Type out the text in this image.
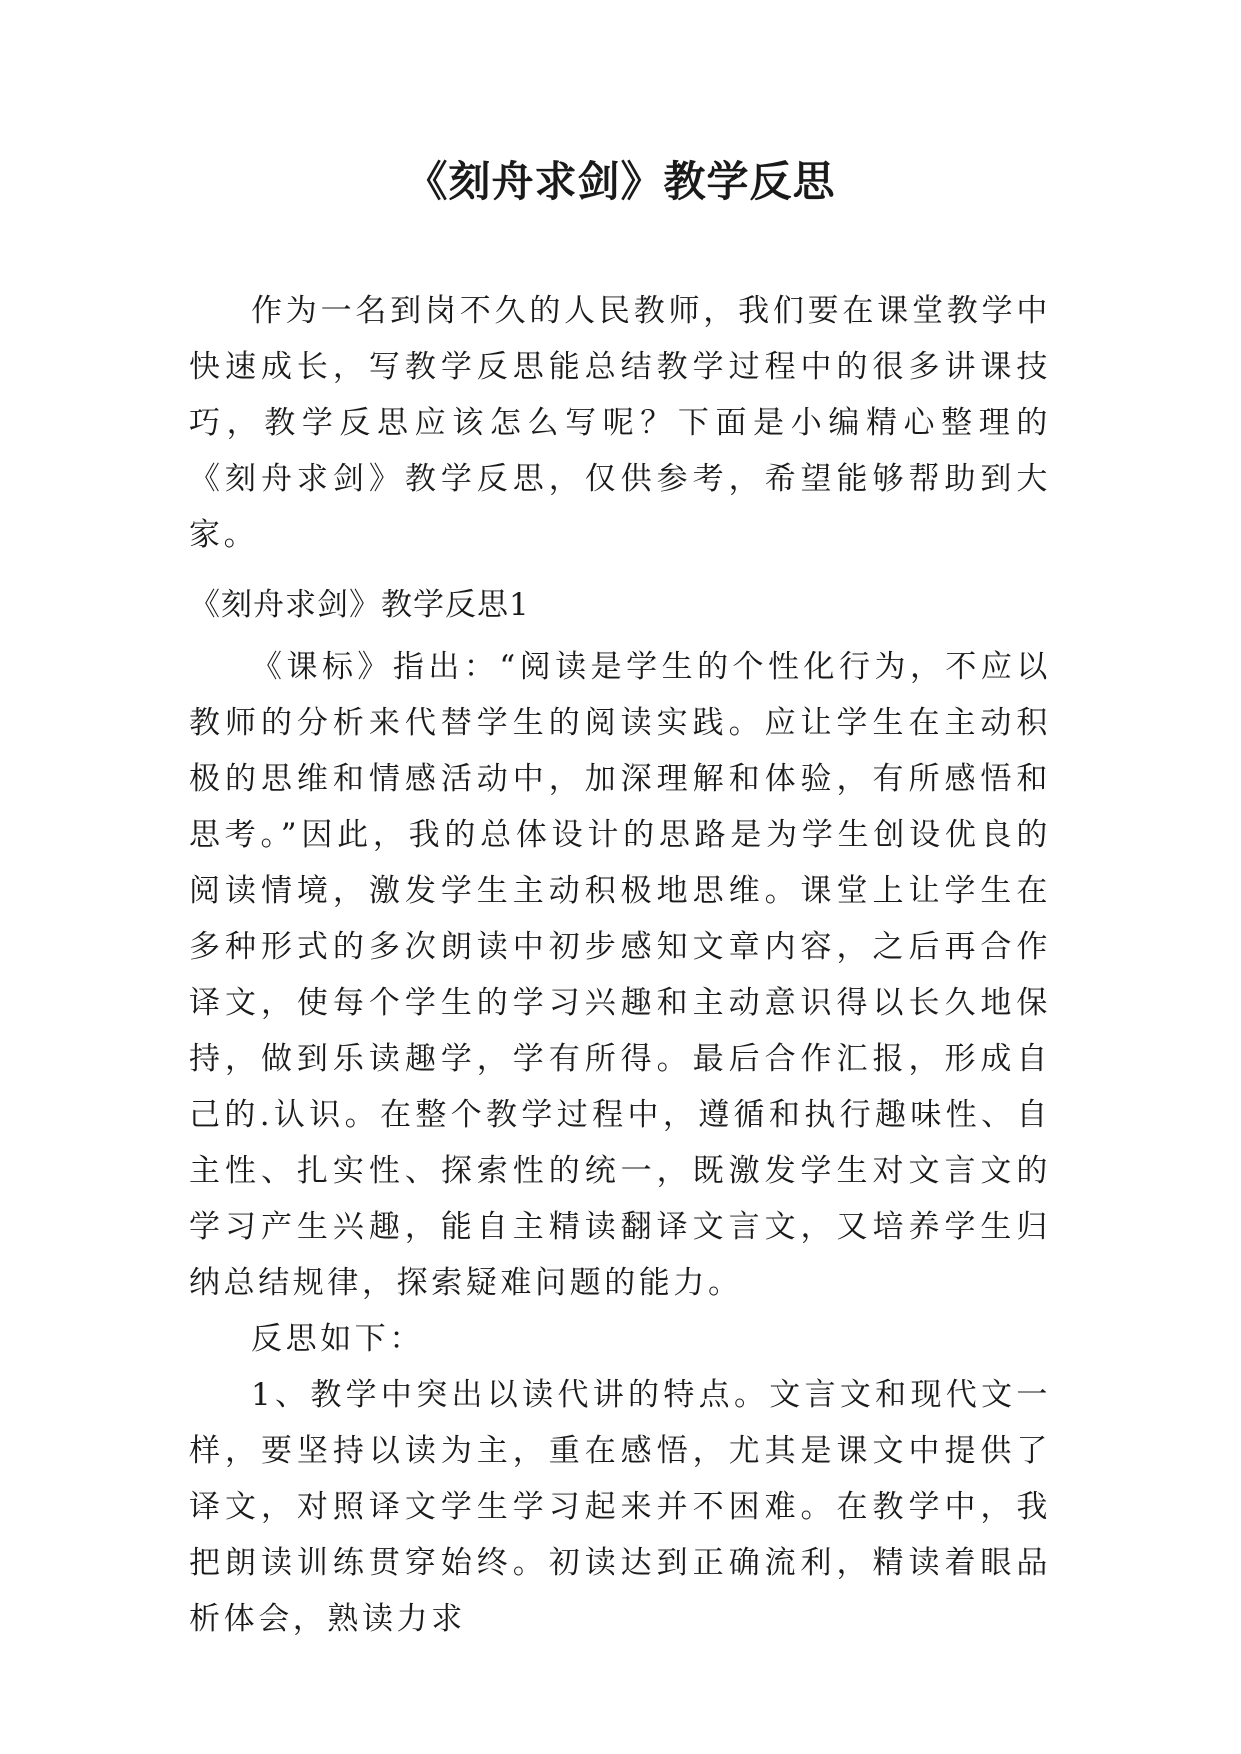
《刻舟求剑》教学反思

作为一名到岗不久的人民教师，我们要在课堂教学中快速成长，写教学反思能总结教学过程中的很多讲课技巧，教学反思应该怎么写呢？下面是小编精心整理的《刻舟求剑》教学反思，仅供参考，希望能够帮助到大家。

《刻舟求剑》教学反思1

《课标》指出：“阅读是学生的个性化行为，不应以教师的分析来代替学生的阅读实践。应让学生在主动积极的思维和情感活动中，加深理解和体验，有所感悟和思考。”因此，我的总体设计的思路是为学生创设优良的阅读情境，激发学生主动积极地思维。课堂上让学生在多种形式的多次朗读中初步感知文章内容，之后再合作译文，使每个学生的学习兴趣和主动意识得以长久地保持，做到乐读趣学，学有所得。最后合作汇报，形成自己的.认识。在整个教学过程中，遵循和执行趣味性、自主性、扎实性、探索性的统一，既激发学生对文言文的学习产生兴趣，能自主精读翻译文言文，又培养学生归纳总结规律，探索疑难问题的能力。

反思如下：

1、教学中突出以读代讲的特点。文言文和现代文一样，要坚持以读为主，重在感悟，尤其是课文中提供了译文，对照译文学生学习起来并不困难。在教学中，我把朗读训练贯穿始终。初读达到正确流利，精读着眼品析体会，熟读力求
